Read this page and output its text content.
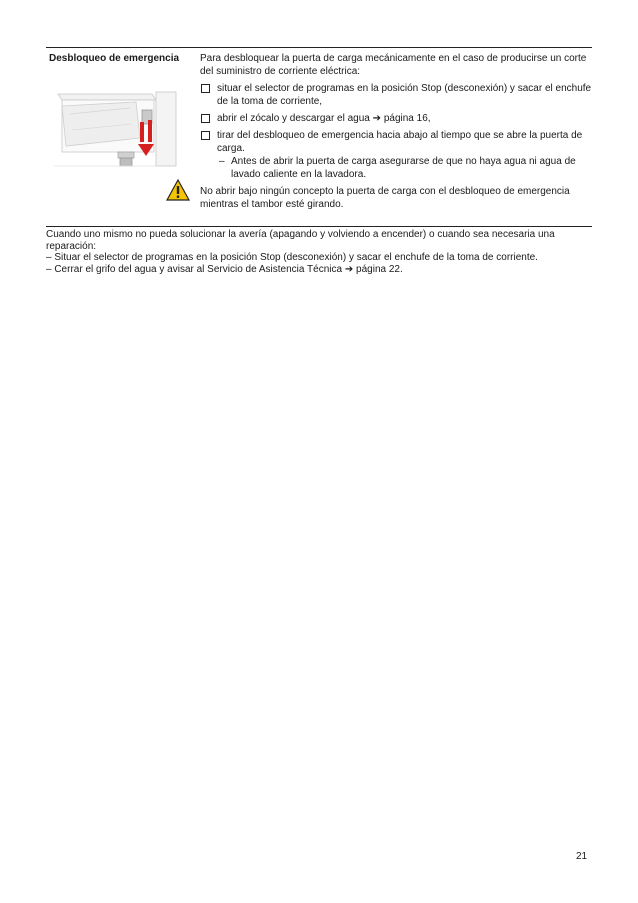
Desbloqueo de emergencia Para desbloquear la puerta de carga mecánicamente en el caso de producirse un corte del suministro de corriente eléctrica:

situar el selector de programas en la posición Stop (desconexión) y sacar el enchufe de la toma de corriente,
abrir el zócalo y descargar el agua ➔ página 16,
tirar del desbloqueo de emergencia hacia abajo al tiempo que se abre la puerta de carga.
– Antes de abrir la puerta de carga asegurarse de que no haya agua ni agua de lavado caliente en la lavadora.
No abrir bajo ningún concepto la puerta de carga con el desbloqueo de emergencia mientras el tambor esté girando.
Cuando uno mismo no pueda solucionar la avería (apagando y volviendo a encender) o cuando sea necesaria una reparación:
– Situar el selector de programas en la posición Stop (desconexión) y sacar el enchufe de la toma de corriente.
– Cerrar el grifo del agua y avisar al Servicio de Asistencia Técnica ➔ página 22.
21
